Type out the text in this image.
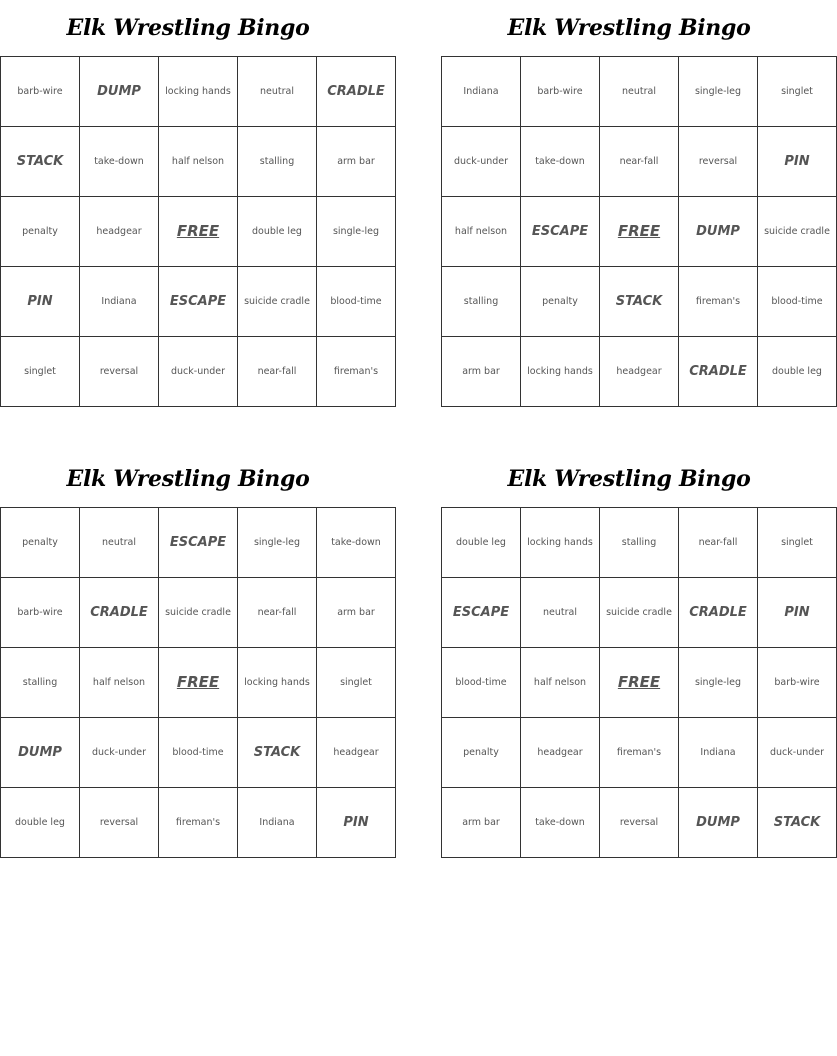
Elk Wrestling Bingo
barb-wire	DUMP	locking hands	neutral	CRADLE
STACK	take-down	half nelson	stalling	arm bar
penalty	headgear	FREE	double leg	single-leg
PIN	Indiana	ESCAPE	suicide cradle	blood-time
singlet	reversal	duck-under	near-fall	fireman's
Elk Wrestling Bingo
Indiana	barb-wire	neutral	single-leg	singlet
duck-under	take-down	near-fall	reversal	PIN
half nelson	ESCAPE	FREE	DUMP	suicide cradle
stalling	penalty	STACK	fireman's	blood-time
arm bar	locking hands	headgear	CRADLE	double leg
Elk Wrestling Bingo
penalty	neutral	ESCAPE	single-leg	take-down
barb-wire	CRADLE	suicide cradle	near-fall	arm bar
stalling	half nelson	FREE	locking hands	singlet
DUMP	duck-under	blood-time	STACK	headgear
double leg	reversal	fireman's	Indiana	PIN
Elk Wrestling Bingo
double leg	locking hands	stalling	near-fall	singlet
ESCAPE	neutral	suicide cradle	CRADLE	PIN
blood-time	half nelson	FREE	single-leg	barb-wire
penalty	headgear	fireman's	Indiana	duck-under
arm bar	take-down	reversal	DUMP	STACK
